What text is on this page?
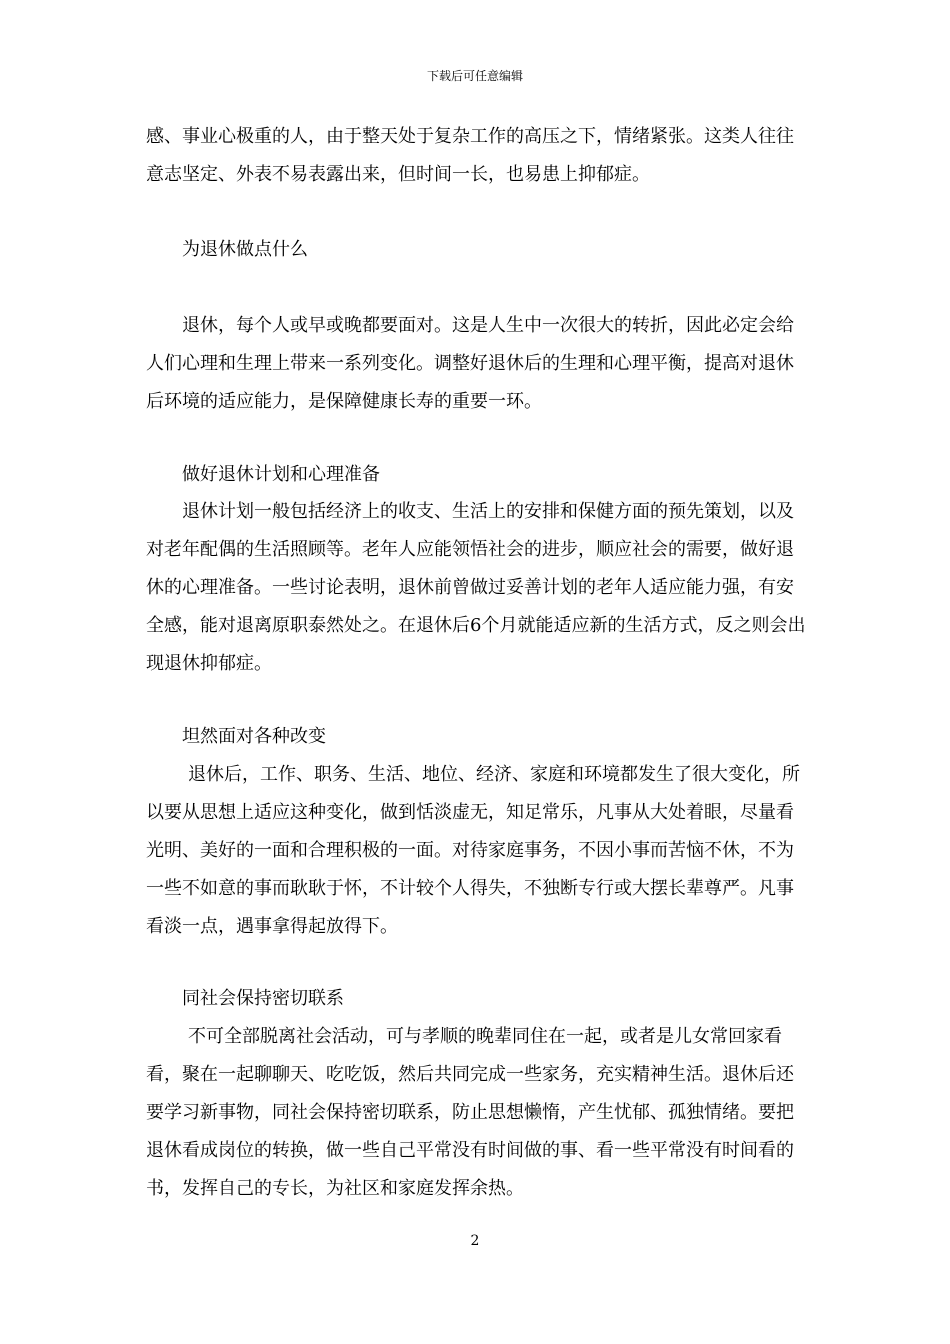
下载后可任意编辑

感、事业心极重的人，由于整天处于复杂工作的高压之下，情绪紧张。这类人往往意志坚定、外表不易表露出来，但时间一长，也易患上抑郁症。

为退休做点什么

退休，每个人或早或晚都要面对。这是人生中一次很大的转折，因此必定会给人们心理和生理上带来一系列变化。调整好退休后的生理和心理平衡，提高对退休后环境的适应能力，是保障健康长寿的重要一环。

做好退休计划和心理准备

退休计划一般包括经济上的收支、生活上的安排和保健方面的预先策划，以及对老年配偶的生活照顾等。老年人应能领悟社会的进步，顺应社会的需要，做好退休的心理准备。一些讨论表明，退休前曾做过妥善计划的老年人适应能力强，有安全感，能对退离原职泰然处之。在退休后6个月就能适应新的生活方式，反之则会出现退休抑郁症。

坦然面对各种改变

退休后，工作、职务、生活、地位、经济、家庭和环境都发生了很大变化，所以要从思想上适应这种变化，做到恬淡虚无，知足常乐，凡事从大处着眼，尽量看光明、美好的一面和合理积极的一面。对待家庭事务，不因小事而苦恼不休，不为一些不如意的事而耿耿于怀，不计较个人得失，不独断专行或大摆长辈尊严。凡事看淡一点，遇事拿得起放得下。

同社会保持密切联系

不可全部脱离社会活动，可与孝顺的晚辈同住在一起，或者是儿女常回家看看，聚在一起聊聊天、吃吃饭，然后共同完成一些家务，充实精神生活。退休后还要学习新事物，同社会保持密切联系，防止思想懒惰，产生忧郁、孤独情绪。要把退休看成岗位的转换，做一些自己平常没有时间做的事、看一些平常没有时间看的书，发挥自己的专长，为社区和家庭发挥余热。

2
